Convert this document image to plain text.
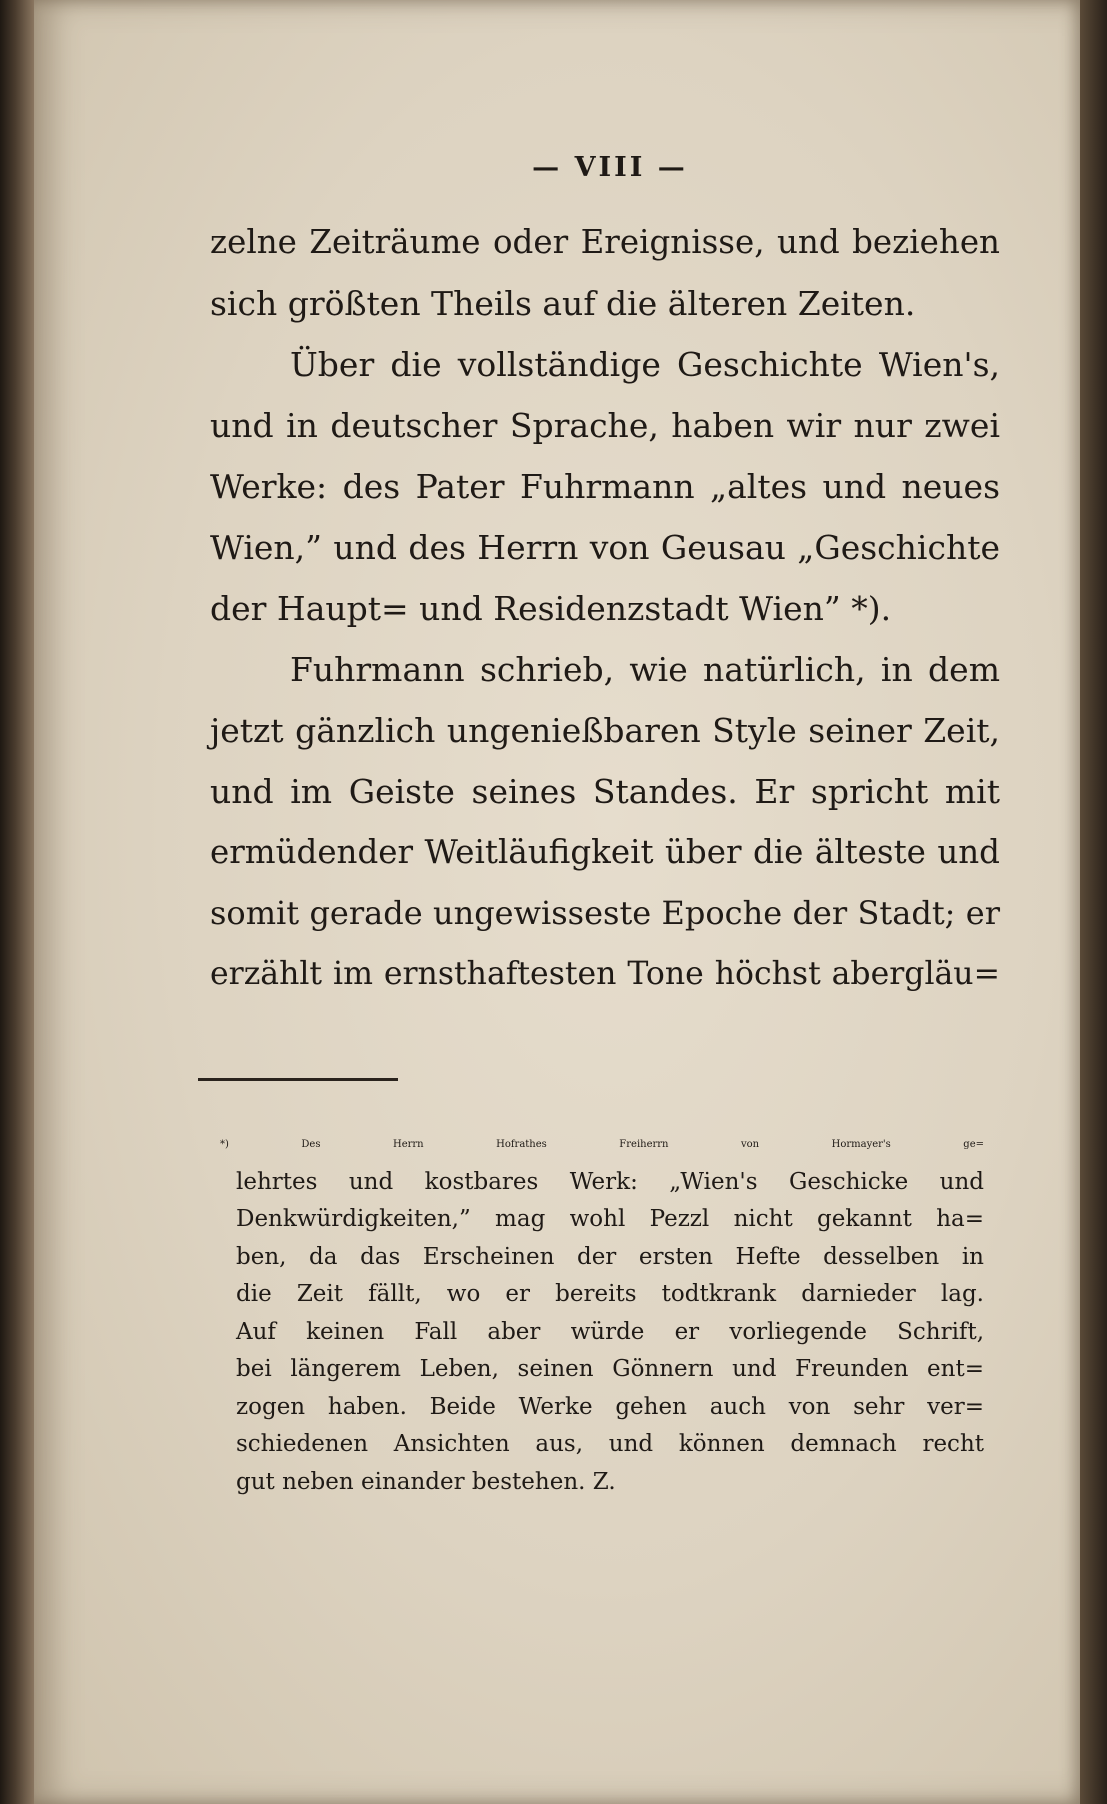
— VIII —
zelne Zeiträume oder Ereignisse, und beziehen
sich größten Theils auf die älteren Zeiten.
Über die vollständige Geschichte Wien's,
und in deutscher Sprache, haben wir nur zwei
Werke: des Pater Fuhrmann „altes und neues
Wien,” und des Herrn von Geusau „Geschichte
der Haupt= und Residenzstadt Wien” *).
Fuhrmann schrieb, wie natürlich, in dem
jetzt gänzlich ungenießbaren Style seiner Zeit,
und im Geiste seines Standes. Er spricht mit
ermüdender Weitläufigkeit über die älteste und
somit gerade ungewisseste Epoche der Stadt; er
erzählt im ernsthaftesten Tone höchst abergläu=
*) Des Herrn Hofrathes Freiherrn von Hormayer's ge=
lehrtes und kostbares Werk: „Wien's Geschicke und
Denkwürdigkeiten,” mag wohl Pezzl nicht gekannt ha=
ben, da das Erscheinen der ersten Hefte desselben in
die Zeit fällt, wo er bereits todtkrank darnieder lag.
Auf keinen Fall aber würde er vorliegende Schrift,
bei längerem Leben, seinen Gönnern und Freunden ent=
zogen haben. Beide Werke gehen auch von sehr ver=
schiedenen Ansichten aus, und können demnach recht
gut neben einander bestehen. Z.
